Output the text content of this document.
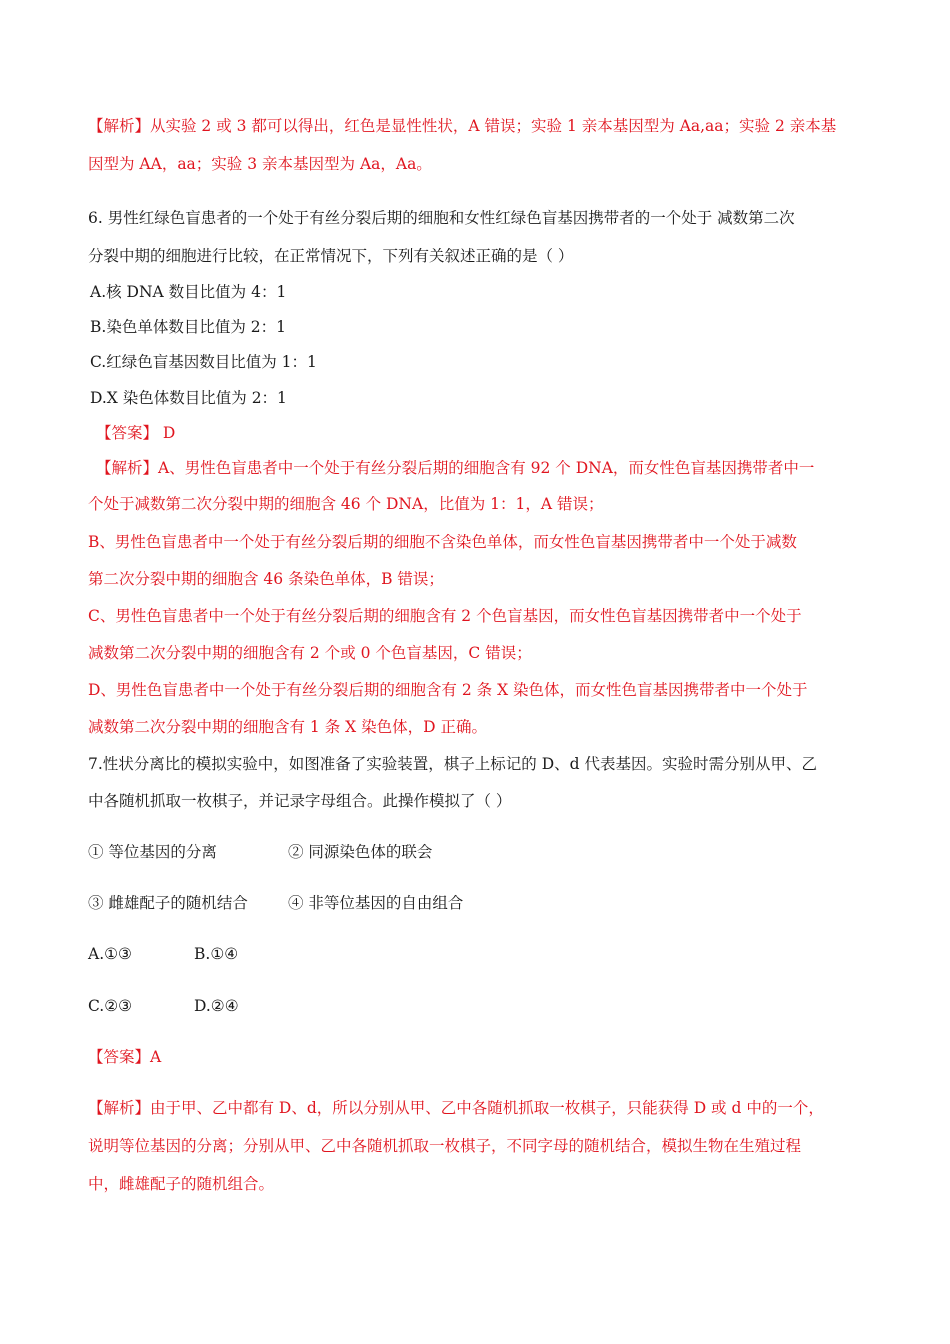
【解析】从实验 2 或 3 都可以得出，红色是显性性状，A 错误；实验 1 亲本基因型为 Aa,aa；实验 2 亲本基
因型为 AA，aa；实验 3 亲本基因型为 Aa，Aa。
6. 男性红绿色盲患者的一个处于有丝分裂后期的细胞和女性红绿色盲基因携带者的一个处于 减数第二次
分裂中期的细胞进行比较，在正常情况下，下列有关叙述正确的是（ ）
A.核 DNA 数目比值为 4：1
B.染色单体数目比值为 2：1
C.红绿色盲基因数目比值为 1：1
D.X 染色体数目比值为 2：1
【答案】 D
【解析】A、男性色盲患者中一个处于有丝分裂后期的细胞含有 92 个 DNA，而女性色盲基因携带者中一
个处于减数第二次分裂中期的细胞含 46 个 DNA，比值为 1：1，A 错误；
B、男性色盲患者中一个处于有丝分裂后期的细胞不含染色单体，而女性色盲基因携带者中一个处于减数
第二次分裂中期的细胞含 46 条染色单体，B 错误；
C、男性色盲患者中一个处于有丝分裂后期的细胞含有 2 个色盲基因，而女性色盲基因携带者中一个处于
减数第二次分裂中期的细胞含有 2 个或 0 个色盲基因，C 错误；
D、男性色盲患者中一个处于有丝分裂后期的细胞含有 2 条 X 染色体，而女性色盲基因携带者中一个处于
减数第二次分裂中期的细胞含有 1 条 X 染色体，D 正确。
7.性状分离比的模拟实验中，如图准备了实验装置，棋子上标记的 D、d 代表基因。实验时需分别从甲、乙
中各随机抓取一枚棋子，并记录字母组合。此操作模拟了（ ）
① 等位基因的分离	② 同源染色体的联会
③ 雌雄配子的随机结合	④ 非等位基因的自由组合
A.①③	B.①④
C.②③	D.②④
【答案】A
【解析】由于甲、乙中都有 D、d，所以分别从甲、乙中各随机抓取一枚棋子，只能获得 D 或 d 中的一个，
说明等位基因的分离；分别从甲、乙中各随机抓取一枚棋子，不同字母的随机结合，模拟生物在生殖过程
中，雌雄配子的随机组合。
